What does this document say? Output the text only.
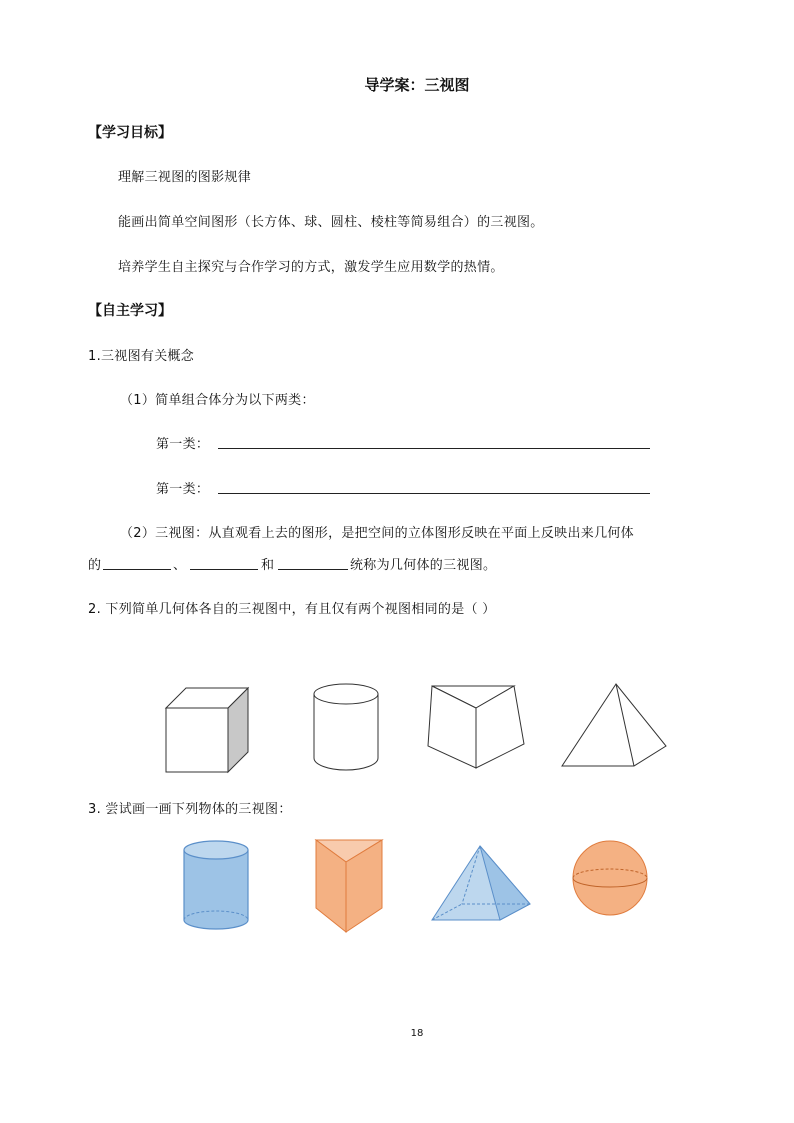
导学案：三视图
【学习目标】
理解三视图的图影规律
能画出简单空间图形（长方体、球、圆柱、棱柱等简易组合）的三视图。
培养学生自主探究与合作学习的方式，激发学生应用数学的热情。
【自主学习】
1.三视图有关概念
（1）简单组合体分为以下两类：
第一类：
第一类：
（2）三视图：从直观看上去的图形，是把空间的立体图形反映在平面上反映出来几何体
的	、	和	统称为几何体的三视图。
2. 下列简单几何体各自的三视图中，有且仅有两个视图相同的是（ ）
3. 尝试画一画下列物体的三视图：
18
